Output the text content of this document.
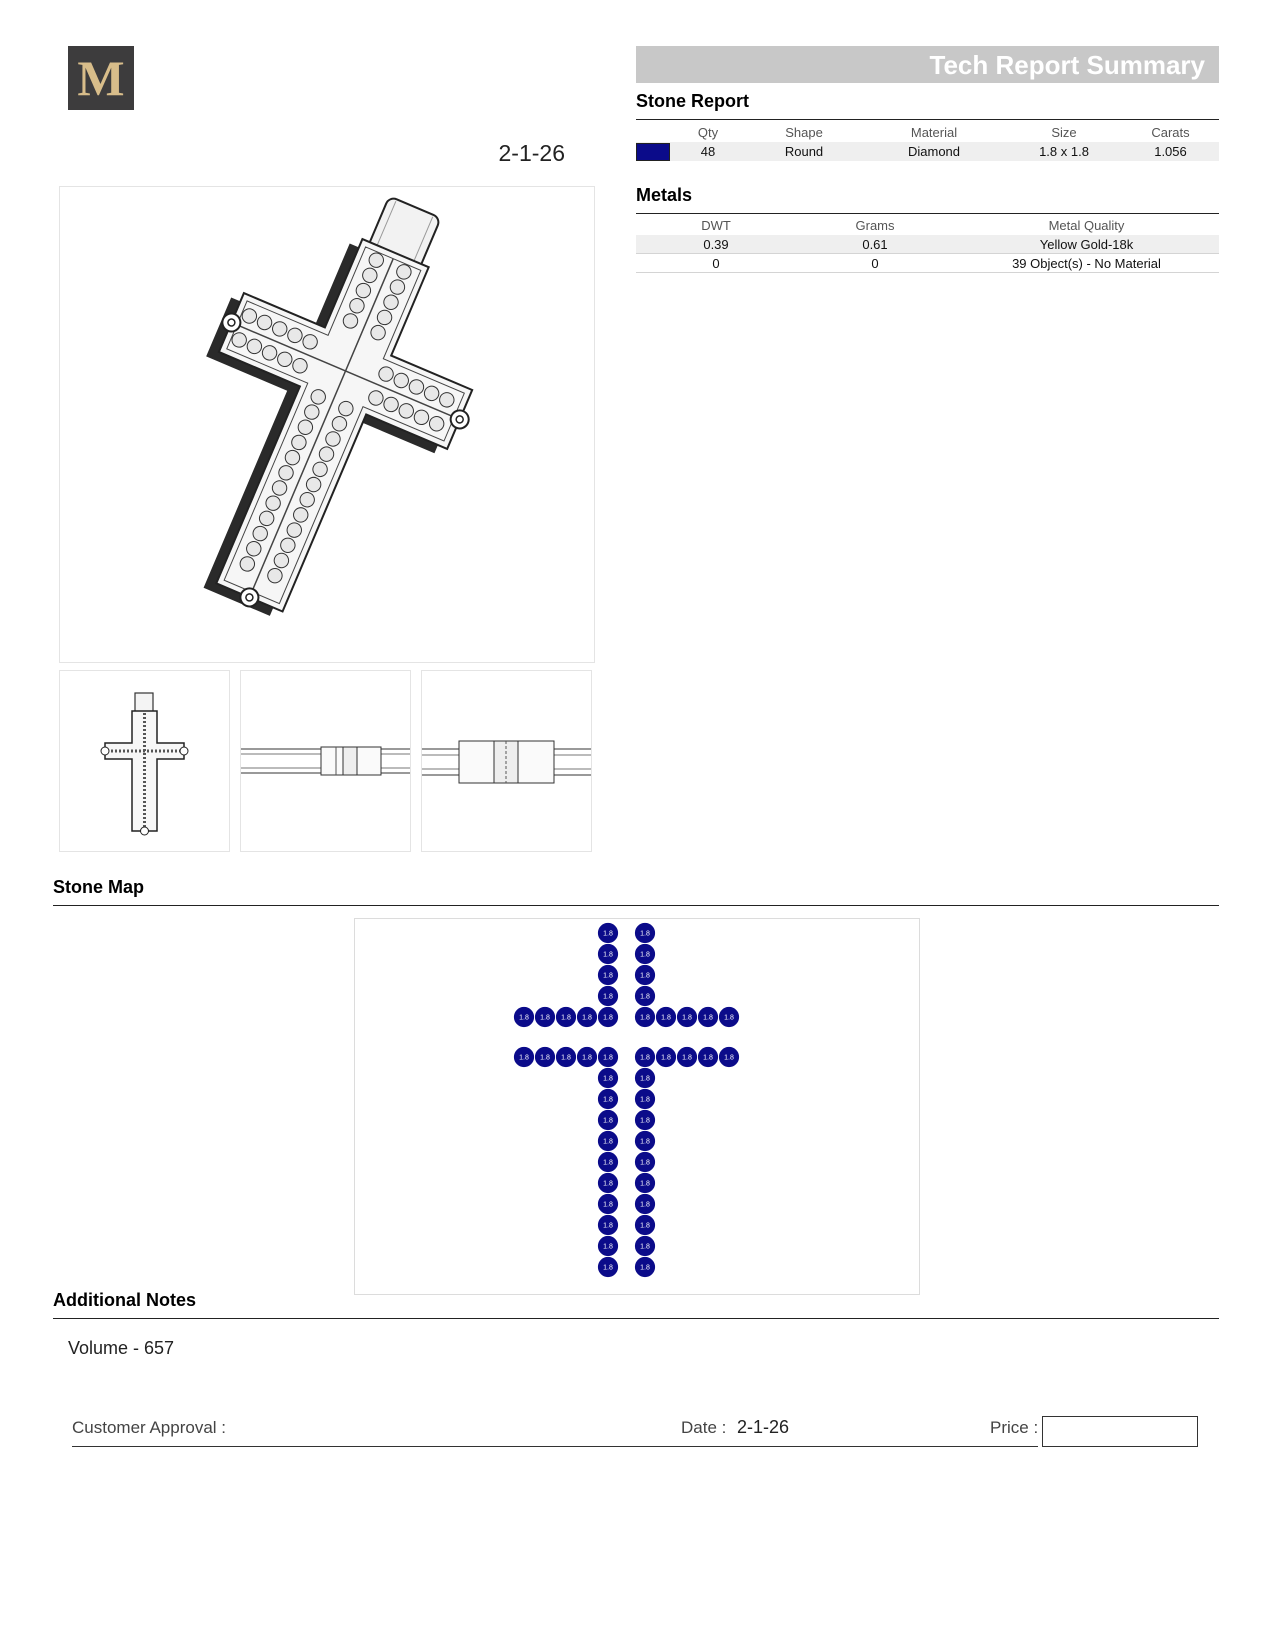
M
2-1-26
Tech Report Summary
Stone Report
	Qty	Shape	Material	Size	Carats

	48	Round	Diamond	1.8 x 1.8	1.056
Metals
DWT	Grams	Metal Quality
0.39	0.61	Yellow Gold-18k
0	0	39 Object(s) - No Material
Stone Map
1.8	1.8
1.8	1.8
1.8	1.8
1.8	1.8
1.8	1.8
1.8	1.8
1.8	1.8
1.8	1.8
1.8	1.8
1.8	1.8
1.8	1.8
1.8	1.8
1.8	1.8
1.8	1.8
1.8	1.8
1.8	1.8
1.8	1.8
1.8	1.8
1.8	1.8
1.8	1.8
1.8	1.8
1.8	1.8
1.8	1.8
1.8	1.8
Additional Notes
Volume - 657
Customer Approval :	Date : 2-1-26	Price :
